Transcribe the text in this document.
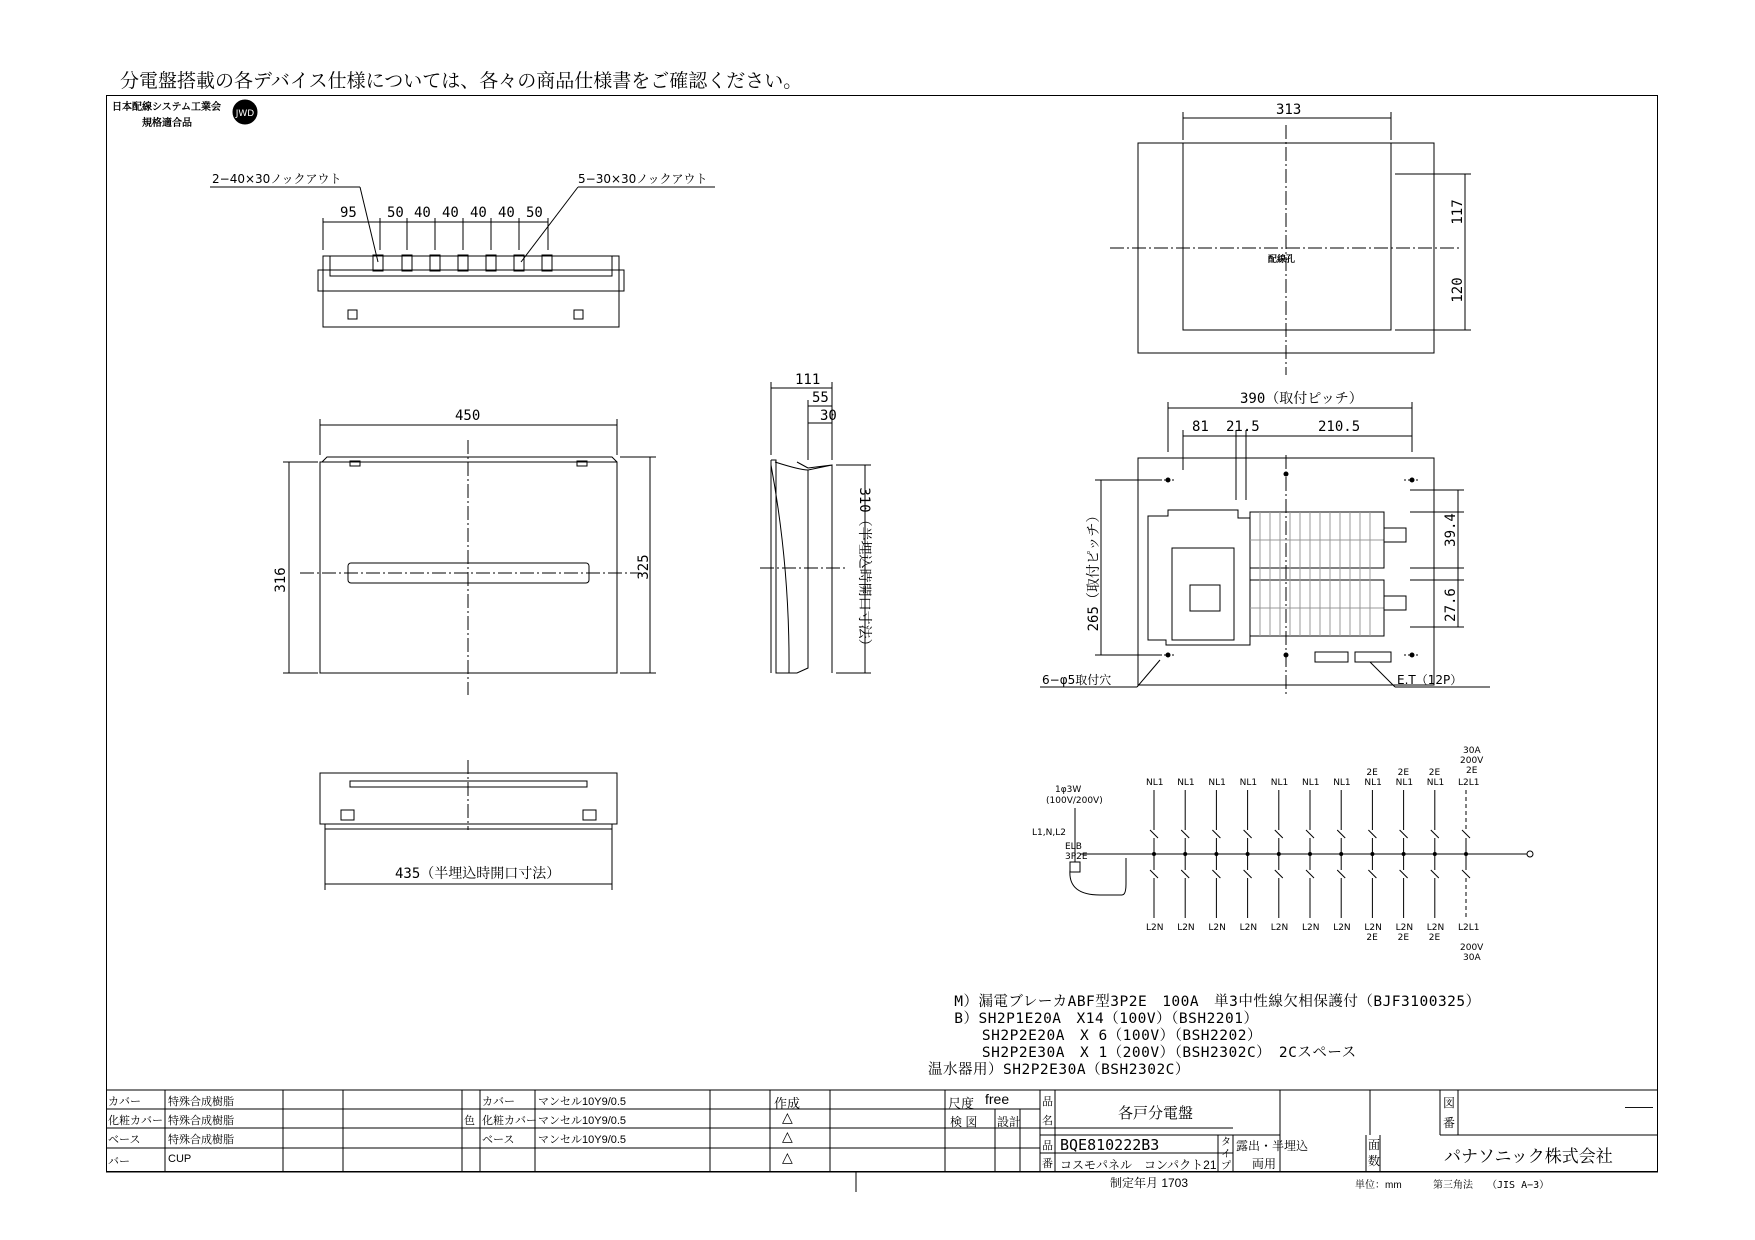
分電盤搭載の各デバイス仕様については、各々の商品仕様書をご確認ください。
日本配線システム工業会
規格適合品
JWD
2−40×30ノックアウト	5−30×30ノックアウト
95 50 40 40 40 40 50
450
316
325
111
55
30
310（半埋込時開口寸法）
435（半埋込時開口寸法）
313
117
120
配線孔
390（取付ピッチ）
81 21.5	210.5
265（取付ピッチ）	39.4
27.6
6−φ5取付穴	E.T（12P）
NL1
L2N
NL1
L2N
NL1
L2N
NL1
L2N
NL1
L2N
NL1
L2N
NL1
L2N
NL1
L2N
NL1
L2N
NL1
L2N
L2L1
L2L1
2E
2E
2E
2E
2E
2E
1φ3W
(100V/200V)
L1,N,L2
ELB
3P2E
30A
200V
2E
200V
30A
M）漏電ブレーカABF型3P2E　100A　単3中性線欠相保護付（BJF3100325）
B）SH2P1E20A　X14（100V）（BSH2201）
SH2P2E20A　X 6（100V）（BSH2202）
SH2P2E30A　X 1（200V）（BSH2302C）　2Cスペース
温水器用）SH2P2E30A（BSH2302C）
カバー 特殊合成樹脂
化粧カバー 特殊合成樹脂
ベース	特殊合成樹脂
バー	CUP
色
カバー マンセル10Y9/0.5
化粧カバー マンセル10Y9/0.5
ベース マンセル10Y9/0.5
作成
△
△
△
尺度 free
検 図 設計
品
名
品
番
各戸分電盤
BQE810222B3
コスモパネル　コンパクト21
タイプ
露出・半埋込
両用
面数
図番
——
パナソニック株式会社
制定年月 1703	単位：mm	第三角法 （JIS A−3）
